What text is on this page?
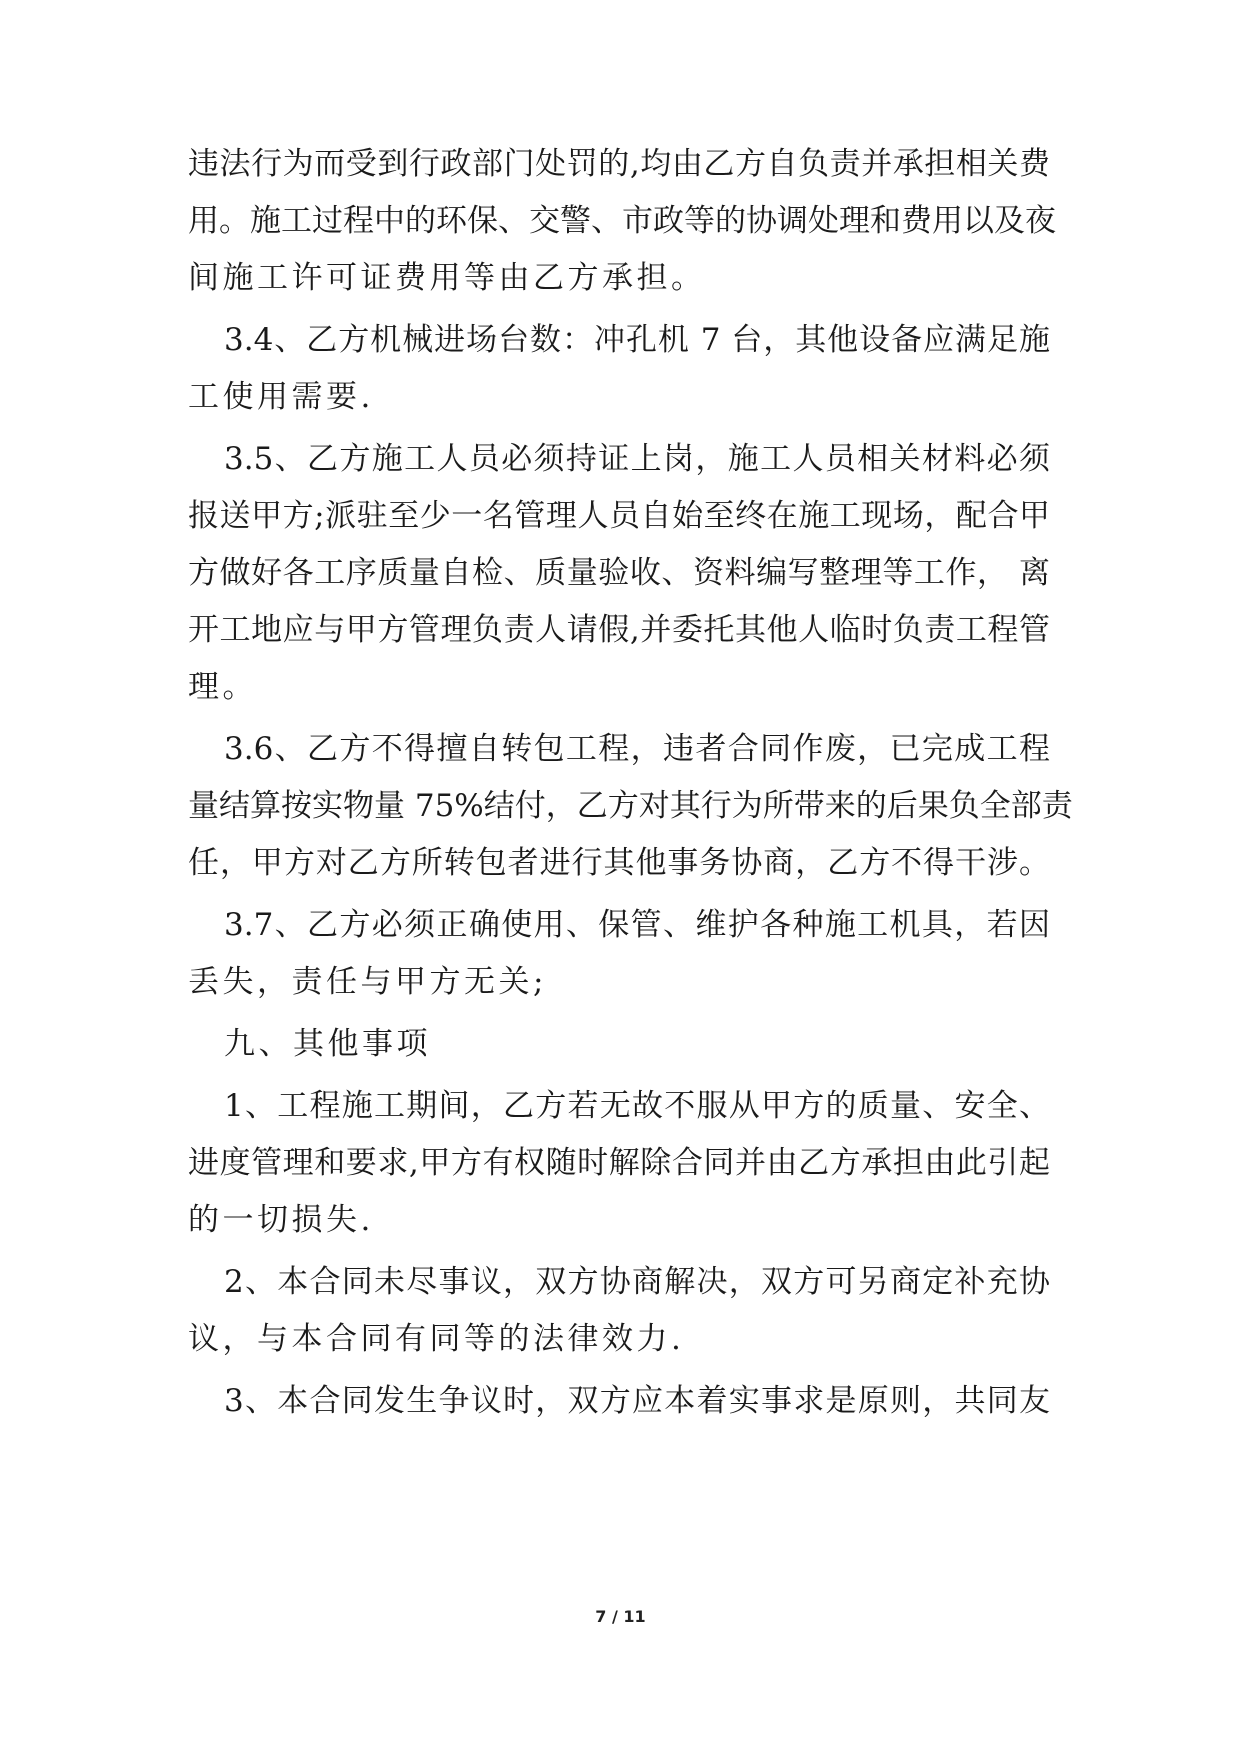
违法行为而受到行政部门处罚的,均由乙方自负责并承担相关费
用。施工过程中的环保、交警、市政等的协调处理和费用以及夜
间施工许可证费用等由乙方承担。
3.4、乙方机械进场台数：冲孔机 7 台，其他设备应满足施
工使用需要.
3.5、乙方施工人员必须持证上岗，施工人员相关材料必须
报送甲方;派驻至少一名管理人员自始至终在施工现场，配合甲
方做好各工序质量自检、质量验收、资料编写整理等工作， 离
开工地应与甲方管理负责人请假,并委托其他人临时负责工程管
理。
3.6、乙方不得擅自转包工程，违者合同作废，已完成工程
量结算按实物量 75%结付，乙方对其行为所带来的后果负全部责
任，甲方对乙方所转包者进行其他事务协商，乙方不得干涉。
3.7、乙方必须正确使用、保管、维护各种施工机具，若因
丢失，责任与甲方无关;
九、其他事项
1、工程施工期间，乙方若无故不服从甲方的质量、安全、
进度管理和要求,甲方有权随时解除合同并由乙方承担由此引起
的一切损失.
2、本合同未尽事议，双方协商解决，双方可另商定补充协
议，与本合同有同等的法律效力.
3、本合同发生争议时，双方应本着实事求是原则，共同友
7 / 11
